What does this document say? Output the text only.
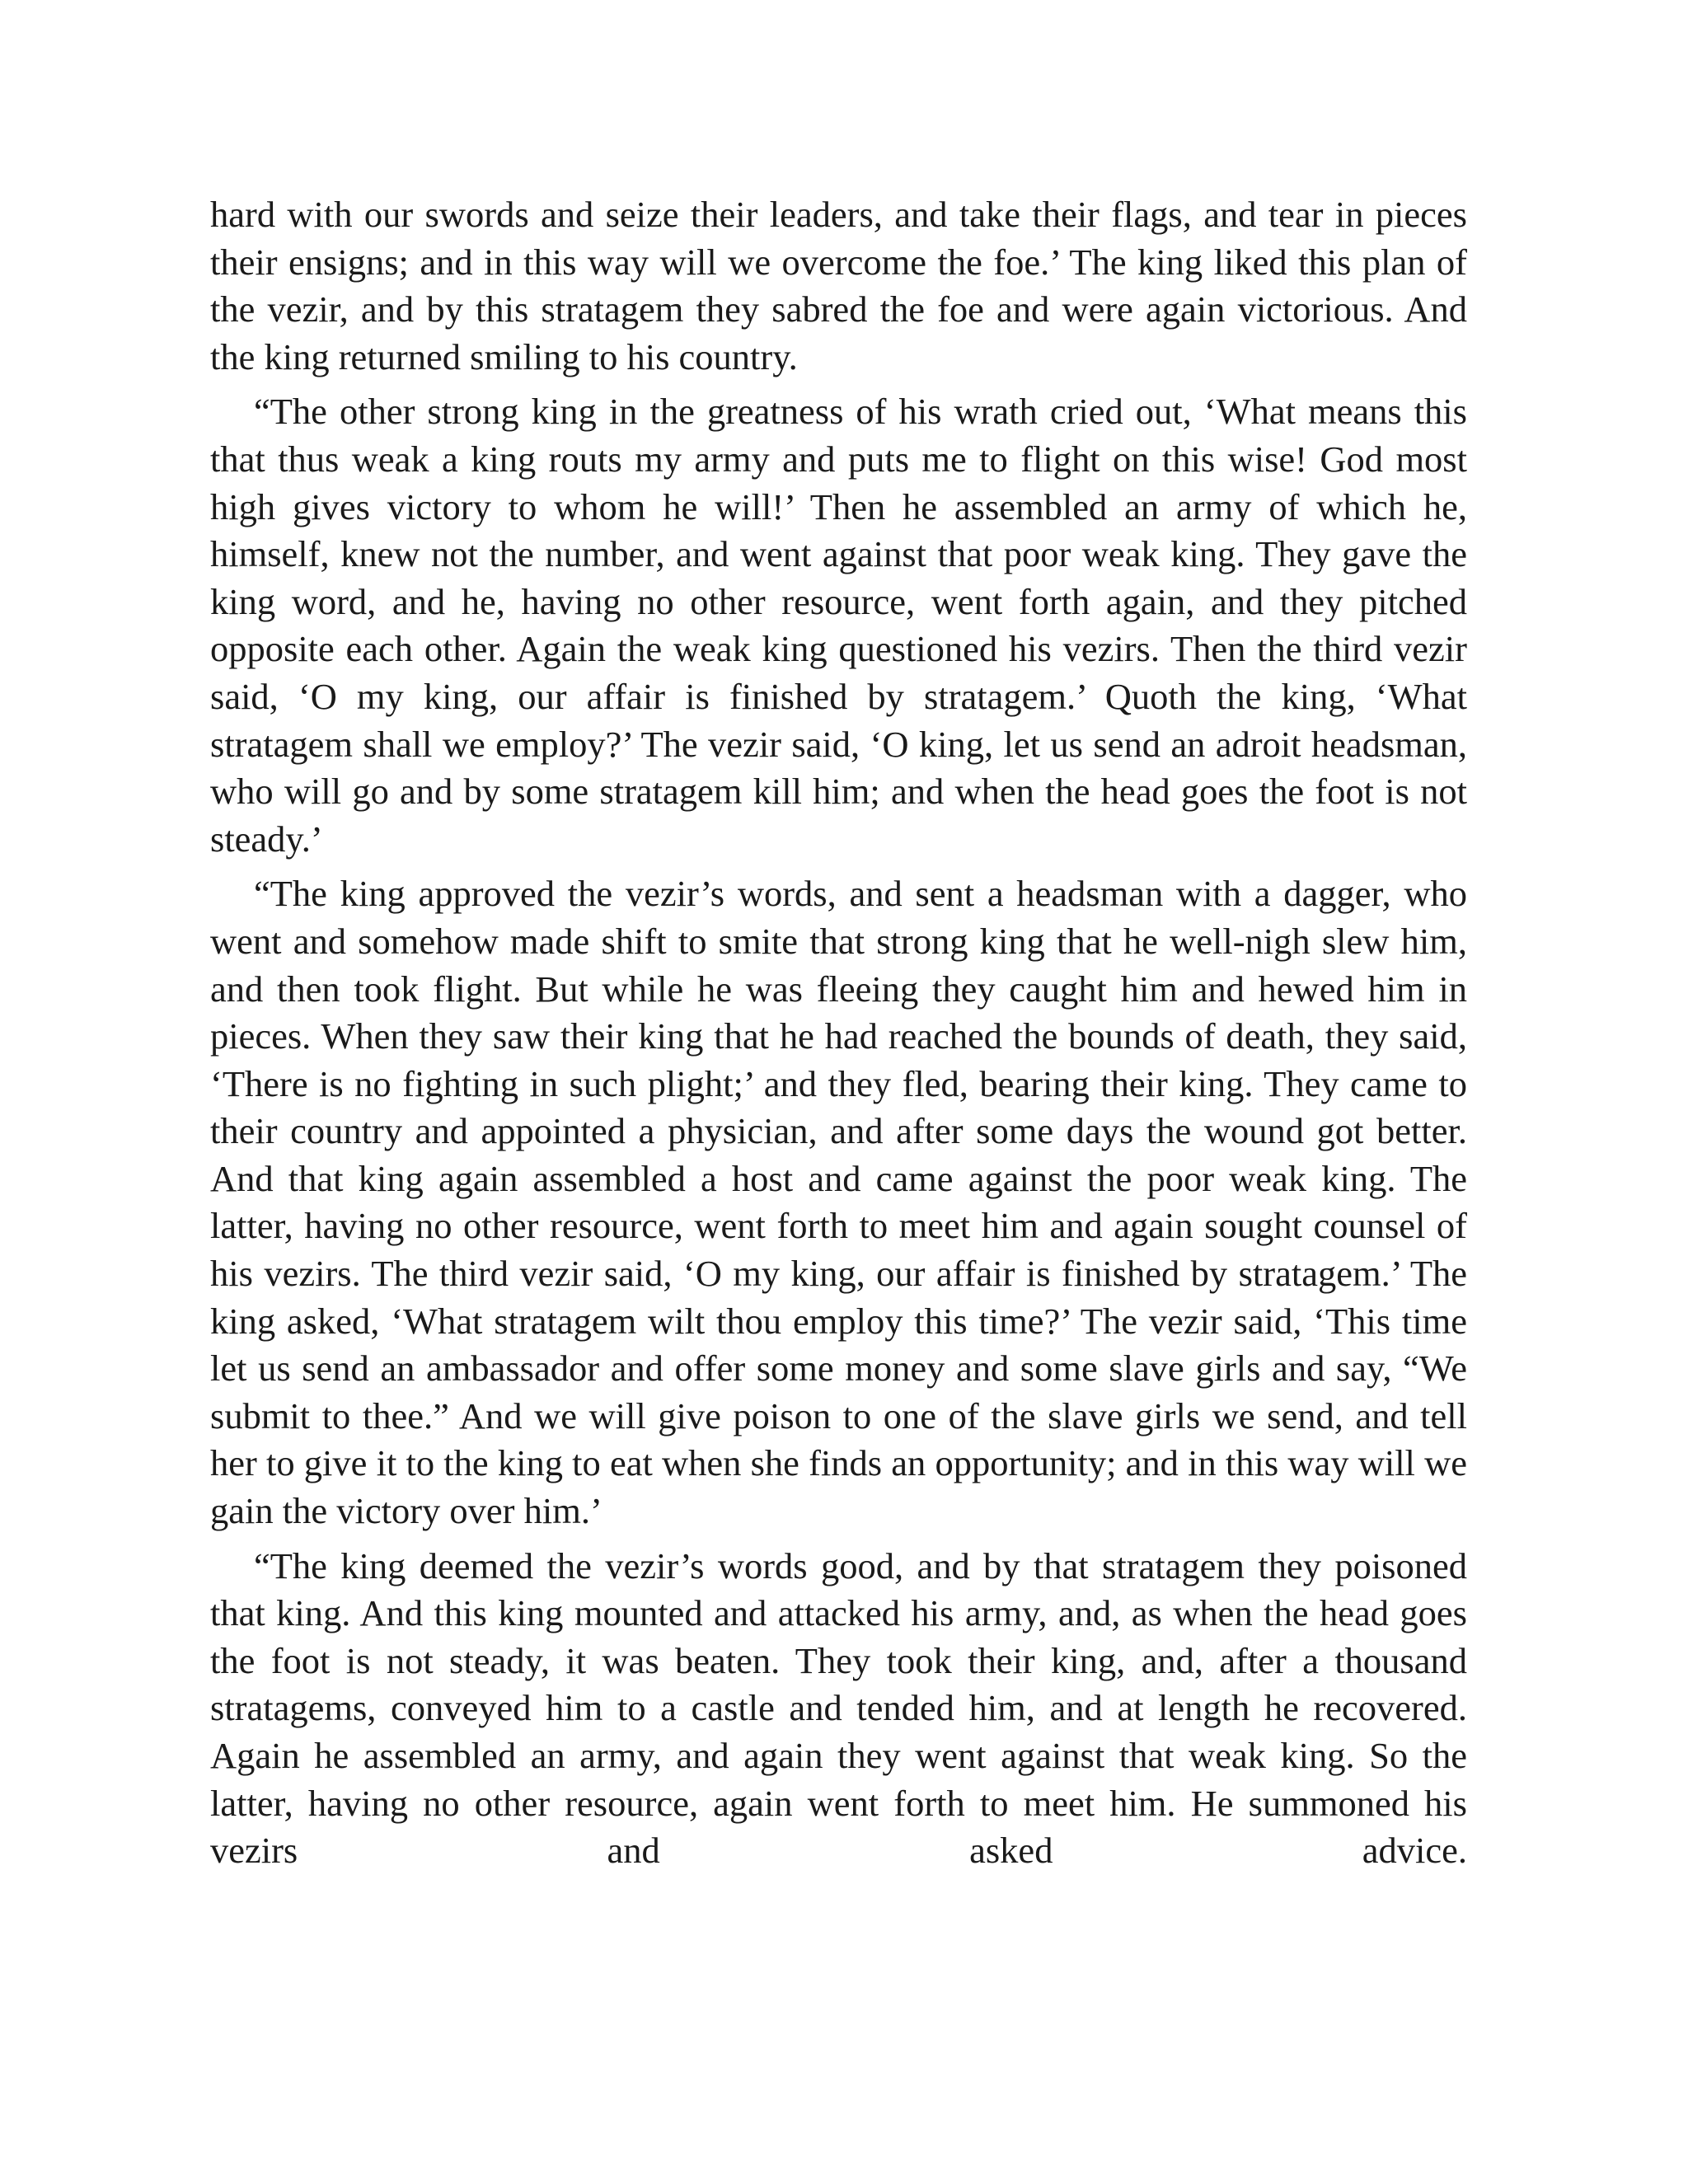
hard with our swords and seize their leaders, and take their flags, and tear in pieces their ensigns; and in this way will we overcome the foe.’ The king liked this plan of the vezir, and by this stratagem they sabred the foe and were again victorious. And the king returned smiling to his country.

“The other strong king in the greatness of his wrath cried out, ‘What means this that thus weak a king routs my army and puts me to flight on this wise! God most high gives victory to whom he will!’ Then he assembled an army of which he, himself, knew not the number, and went against that poor weak king. They gave the king word, and he, having no other resource, went forth again, and they pitched opposite each other. Again the weak king questioned his vezirs. Then the third vezir said, ‘O my king, our affair is finished by stratagem.’ Quoth the king, ‘What stratagem shall we employ?’ The vezir said, ‘O king, let us send an adroit headsman, who will go and by some stratagem kill him; and when the head goes the foot is not steady.’

“The king approved the vezir’s words, and sent a headsman with a dagger, who went and somehow made shift to smite that strong king that he well-nigh slew him, and then took flight. But while he was fleeing they caught him and hewed him in pieces. When they saw their king that he had reached the bounds of death, they said, ‘There is no fighting in such plight;’ and they fled, bearing their king. They came to their country and appointed a physician, and after some days the wound got better. And that king again assembled a host and came against the poor weak king. The latter, having no other resource, went forth to meet him and again sought counsel of his vezirs. The third vezir said, ‘O my king, our affair is finished by stratagem.’ The king asked, ‘What stratagem wilt thou employ this time?’ The vezir said, ‘This time let us send an ambassador and offer some money and some slave girls and say, “We submit to thee.” And we will give poison to one of the slave girls we send, and tell her to give it to the king to eat when she finds an opportunity; and in this way will we gain the victory over him.’

“The king deemed the vezir’s words good, and by that stratagem they poisoned that king. And this king mounted and attacked his army, and, as when the head goes the foot is not steady, it was beaten. They took their king, and, after a thousand stratagems, conveyed him to a castle and tended him, and at length he recovered. Again he assembled an army, and again they went against that weak king. So the latter, having no other resource, again went forth to meet him. He summoned his vezirs and asked advice.
